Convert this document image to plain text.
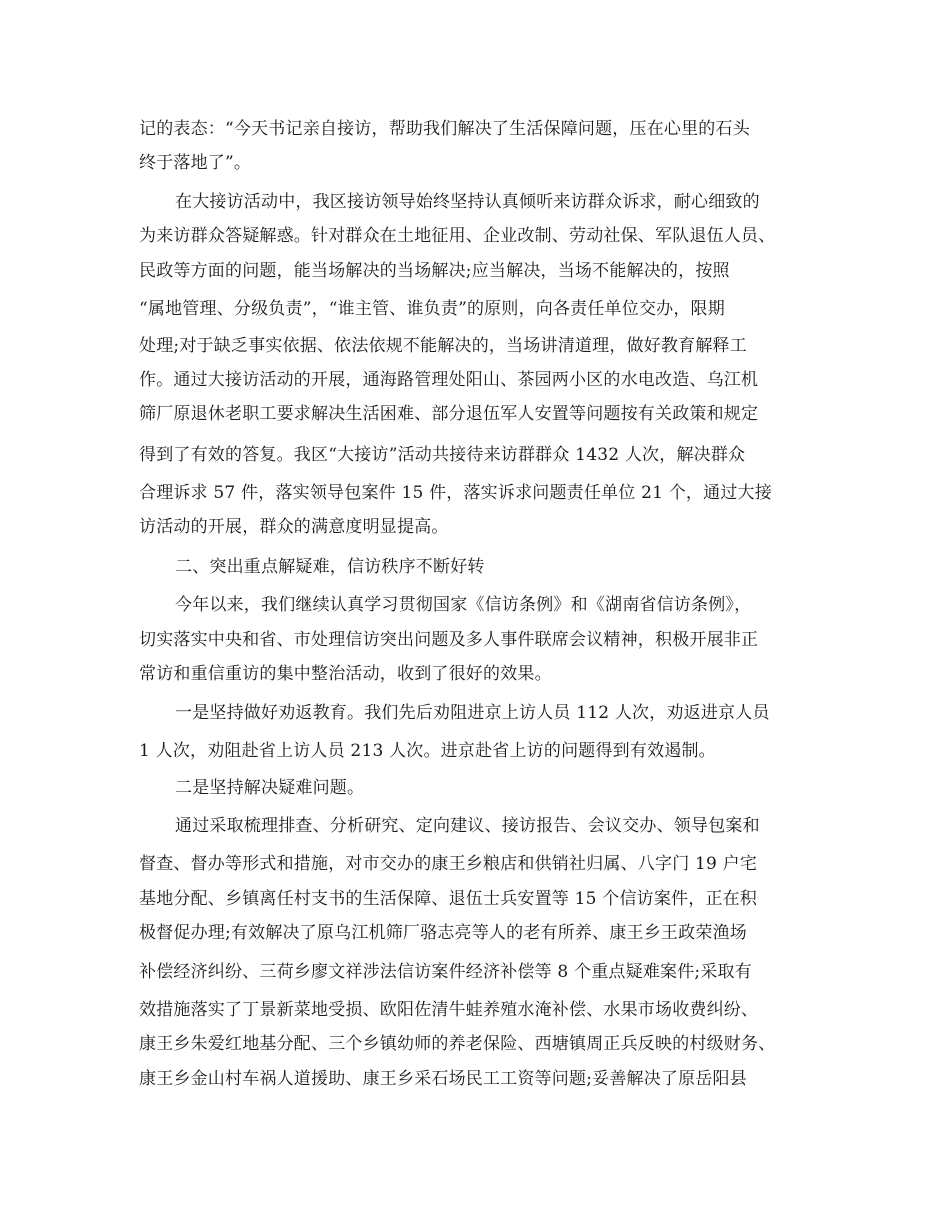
记的表态：“今天书记亲自接访，帮助我们解决了生活保障问题，压在心里的石头
终于落地了”。
在大接访活动中，我区接访领导始终坚持认真倾听来访群众诉求，耐心细致的
为来访群众答疑解惑。针对群众在土地征用、企业改制、劳动社保、军队退伍人员、
民政等方面的问题，能当场解决的当场解决;应当解决，当场不能解决的，按照
“属地管理、分级负责”，“谁主管、谁负责”的原则，向各责任单位交办，限期
处理;对于缺乏事实依据、依法依规不能解决的，当场讲清道理，做好教育解释工
作。通过大接访活动的开展，通海路管理处阳山、茶园两小区的水电改造、乌江机
筛厂原退休老职工要求解决生活困难、部分退伍军人安置等问题按有关政策和规定
得到了有效的答复。我区“大接访”活动共接待来访群群众 1432 人次，解决群众
合理诉求 57 件，落实领导包案件 15 件，落实诉求问题责任单位 21 个，通过大接
访活动的开展，群众的满意度明显提高。
二、突出重点解疑难，信访秩序不断好转
今年以来，我们继续认真学习贯彻国家《信访条例》和《湖南省信访条例》，
切实落实中央和省、市处理信访突出问题及多人事件联席会议精神，积极开展非正
常访和重信重访的集中整治活动，收到了很好的效果。
一是坚持做好劝返教育。我们先后劝阻进京上访人员 112 人次，劝返进京人员
1 人次，劝阻赴省上访人员 213 人次。进京赴省上访的问题得到有效遏制。
二是坚持解决疑难问题。
通过采取梳理排查、分析研究、定向建议、接访报告、会议交办、领导包案和
督查、督办等形式和措施，对市交办的康王乡粮店和供销社归属、八字门 19 户宅
基地分配、乡镇离任村支书的生活保障、退伍士兵安置等 15 个信访案件，正在积
极督促办理;有效解决了原乌江机筛厂骆志亮等人的老有所养、康王乡王政荣渔场
补偿经济纠纷、三荷乡廖文祥涉法信访案件经济补偿等 8 个重点疑难案件;采取有
效措施落实了丁景新菜地受损、欧阳佐清牛蛙养殖水淹补偿、水果市场收费纠纷、
康王乡朱爱红地基分配、三个乡镇幼师的养老保险、西塘镇周正兵反映的村级财务、
康王乡金山村车祸人道援助、康王乡采石场民工工资等问题;妥善解决了原岳阳县
